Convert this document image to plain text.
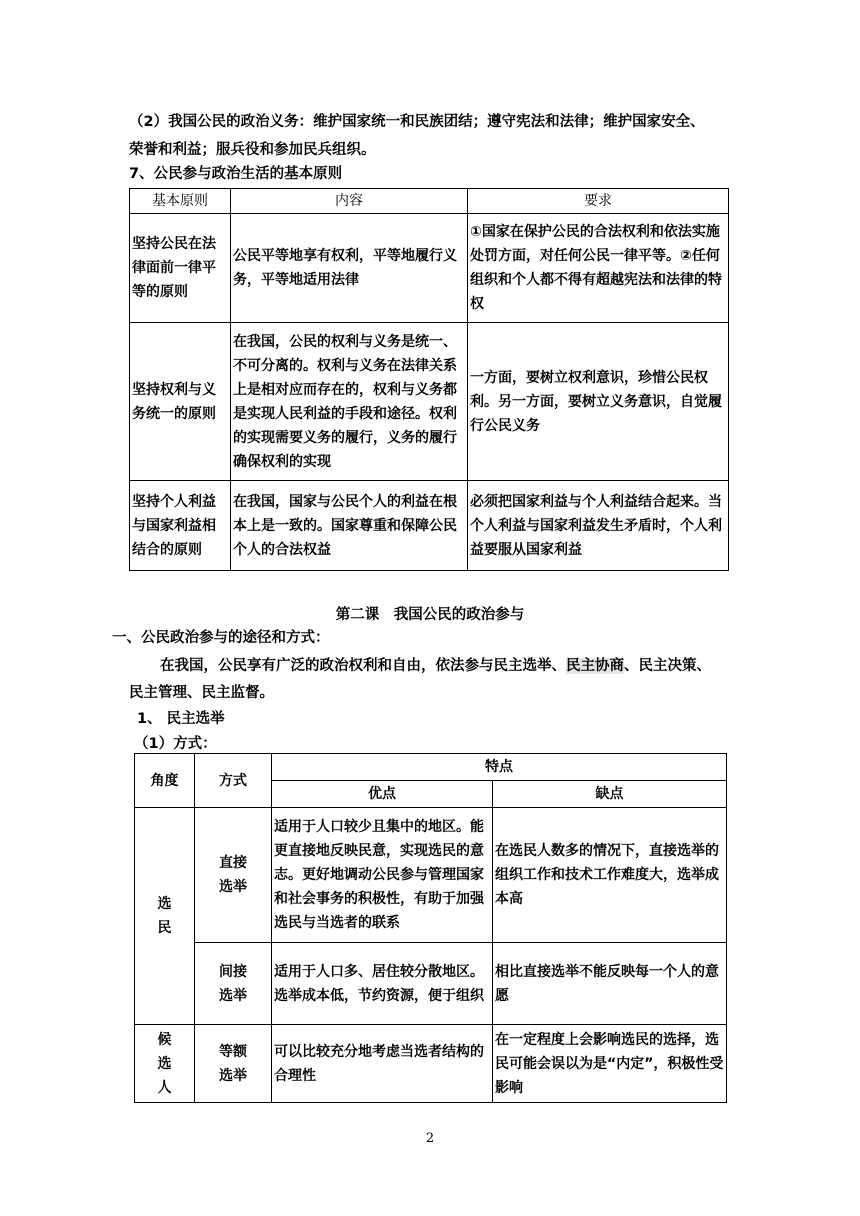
（2）我国公民的政治义务：维护国家统一和民族团结；遵守宪法和法律；维护国家安全、
荣誉和利益；服兵役和参加民兵组织。
7、公民参与政治生活的基本原则
基本原则	内容	要求
坚持公民在法律面前一律平等的原则	公民平等地享有权利，平等地履行义务，平等地适用法律	①国家在保护公民的合法权利和依法实施处罚方面，对任何公民一律平等。②任何组织和个人都不得有超越宪法和法律的特权
坚持权利与义务统一的原则	在我国，公民的权利与义务是统一、不可分离的。权利与义务在法律关系上是相对应而存在的，权利与义务都是实现人民利益的手段和途径。权利的实现需要义务的履行，义务的履行确保权利的实现	一方面，要树立权利意识，珍惜公民权利。另一方面，要树立义务意识，自觉履行公民义务
坚持个人利益与国家利益相结合的原则	在我国，国家与公民个人的利益在根本上是一致的。国家尊重和保障公民个人的合法权益	必须把国家利益与个人利益结合起来。当个人利益与国家利益发生矛盾时，个人利益要服从国家利益
第二课　我国公民的政治参与
一、公民政治参与的途径和方式：
在我国，公民享有广泛的政治权利和自由，依法参与民主选举、民主协商、民主决策、
民主管理、民主监督。
1、 民主选举
（1）方式：
角度	方式	特点	
		优点	缺点

选
民	直接
选举	适用于人口较少且集中的地区。能更直接地反映民意，实现选民的意志。更好地调动公民参与管理国家和社会事务的积极性，有助于加强选民与当选者的联系	在选民人数多的情况下，直接选举的组织工作和技术工作难度大，选举成本高

	间接
选举	适用于人口多、居住较分散地区。选举成本低，节约资源，便于组织	相比直接选举不能反映每一个人的意愿

候
选
人	等额
选举	可以比较充分地考虑当选者结构的合理性	在一定程度上会影响选民的选择，选民可能会误以为是“内定”，积极性受影响
2
